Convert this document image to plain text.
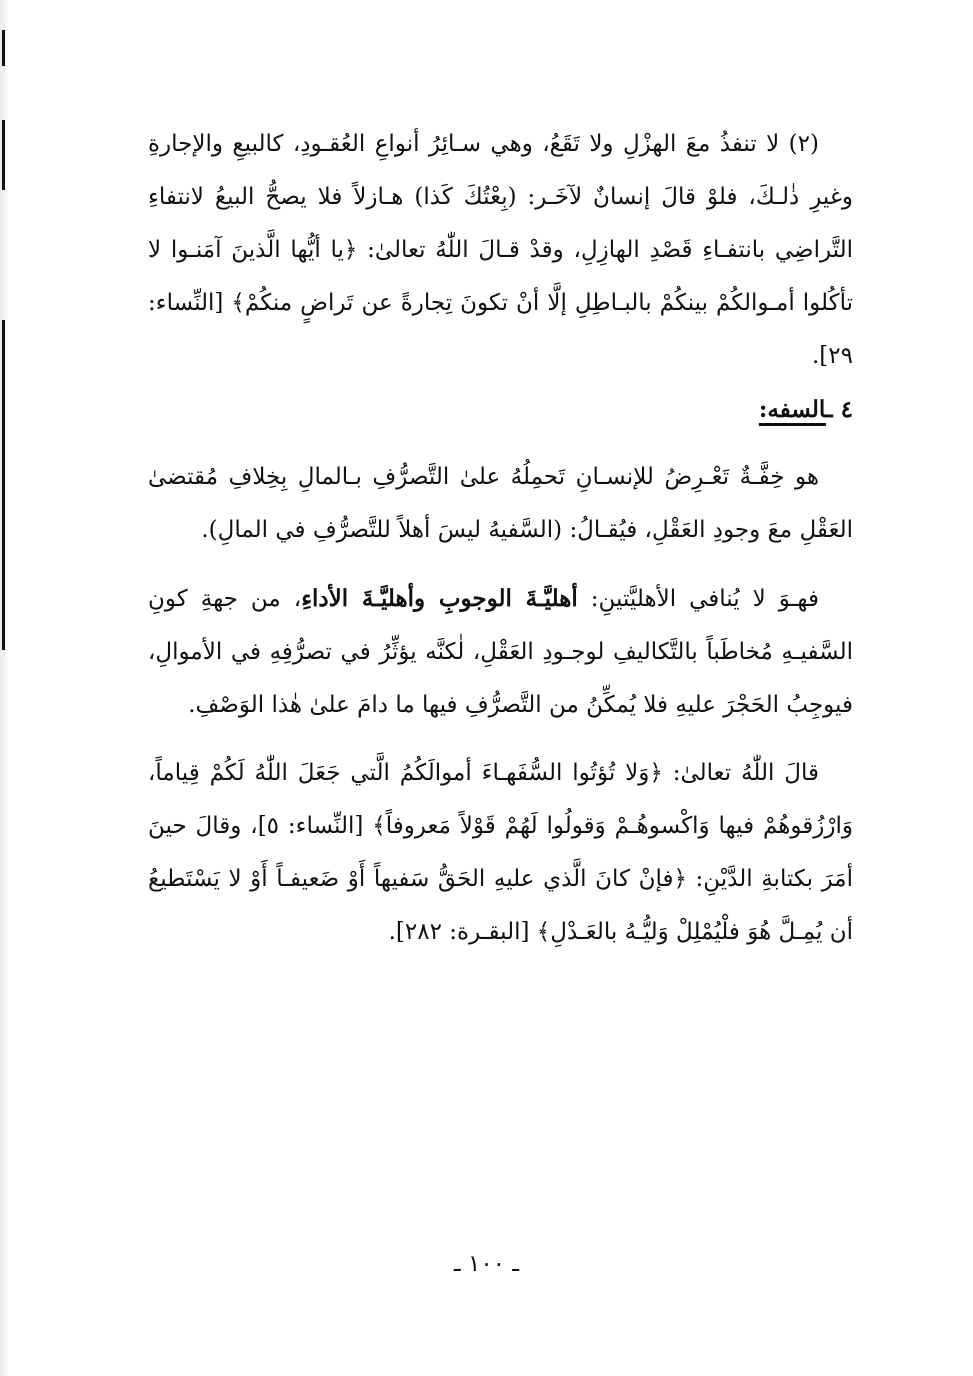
(٢) لا تنفذُ معَ الهزْلِ ولا تَقَعُ، وهي سـائِرُ أنواعِ العُقـودِ، كالبيعِ والإجارةِ وغيرِ ذٰلـكَ، فلوْ قالَ إنسانٌ لآخَـر: (بِعْتُكَ كَذا) هـازلاً فلا يصحُّ البيعُ لانتفاءِ التَّراضِي بانتفـاءِ قَصْدِ الهازِلِ، وقدْ قـالَ اللّٰهُ تعالىٰ: ﴿يا أيُّها الَّذينَ آمَنـوا لا تأكُلوا أمـوالكُمْ بينكُمْ بالبـاطِلِ إلَّا أنْ تكونَ تِجارةً عن تَراضٍ منكُمْ﴾ [النِّساء: ٢٩].

٤ ـالسفه:

هو خِفَّـةٌ تَعْـرِضُ للإنسـانِ تَحمِلُهُ علىٰ التَّصرُّفِ بـالمالِ بِخِلافِ مُقتضىٰ العَقْلِ معَ وجودِ العَقْلِ، فيُقـالُ: (السَّفيهُ ليسَ أهلاً للتَّصرُّفِ في المالِ).

فهـوَ لا يُنافي الأهليَّتينِ: أهليَّـةَ الوجوبِ وأهليَّـةَ الأداءِ، من جهةِ كونِ السَّفيـهِ مُخاطَباً بالتَّكاليفِ لوجـودِ العَقْلِ، لٰكنَّه يؤثِّرُ في تصرُّفِهِ في الأموالِ، فيوجِبُ الحَجْرَ عليهِ فلا يُمكِّنُ من التَّصرُّفِ فيها ما دامَ علىٰ هٰذا الوَصْفِ.

قالَ اللّٰهُ تعالىٰ: ﴿وَلا تُؤتُوا السُّفَهـاءَ أموالَكُمُ الَّتي جَعَلَ اللّٰهُ لَكُمْ قِياماً، وَارْزُقوهُمْ فيها وَاكْسوهُـمْ وَقولُوا لَهُمْ قَوْلاً مَعروفاً﴾ [النِّساء: ٥]، وقالَ حينَ أمَرَ بكتابةِ الدَّيْنِ: ﴿فإنْ كانَ الَّذي عليهِ الحَقُّ سَفيهاً أَوْ ضَعيفـاً أَوْ لا يَسْتَطيعُ أن يُمِـلَّ هُوَ فلْيُمْلِلْ وَليُّـهُ بالعَـدْلِ﴾ [البقـرة: ٢٨٢].

ـ ١٠٠ ـ
